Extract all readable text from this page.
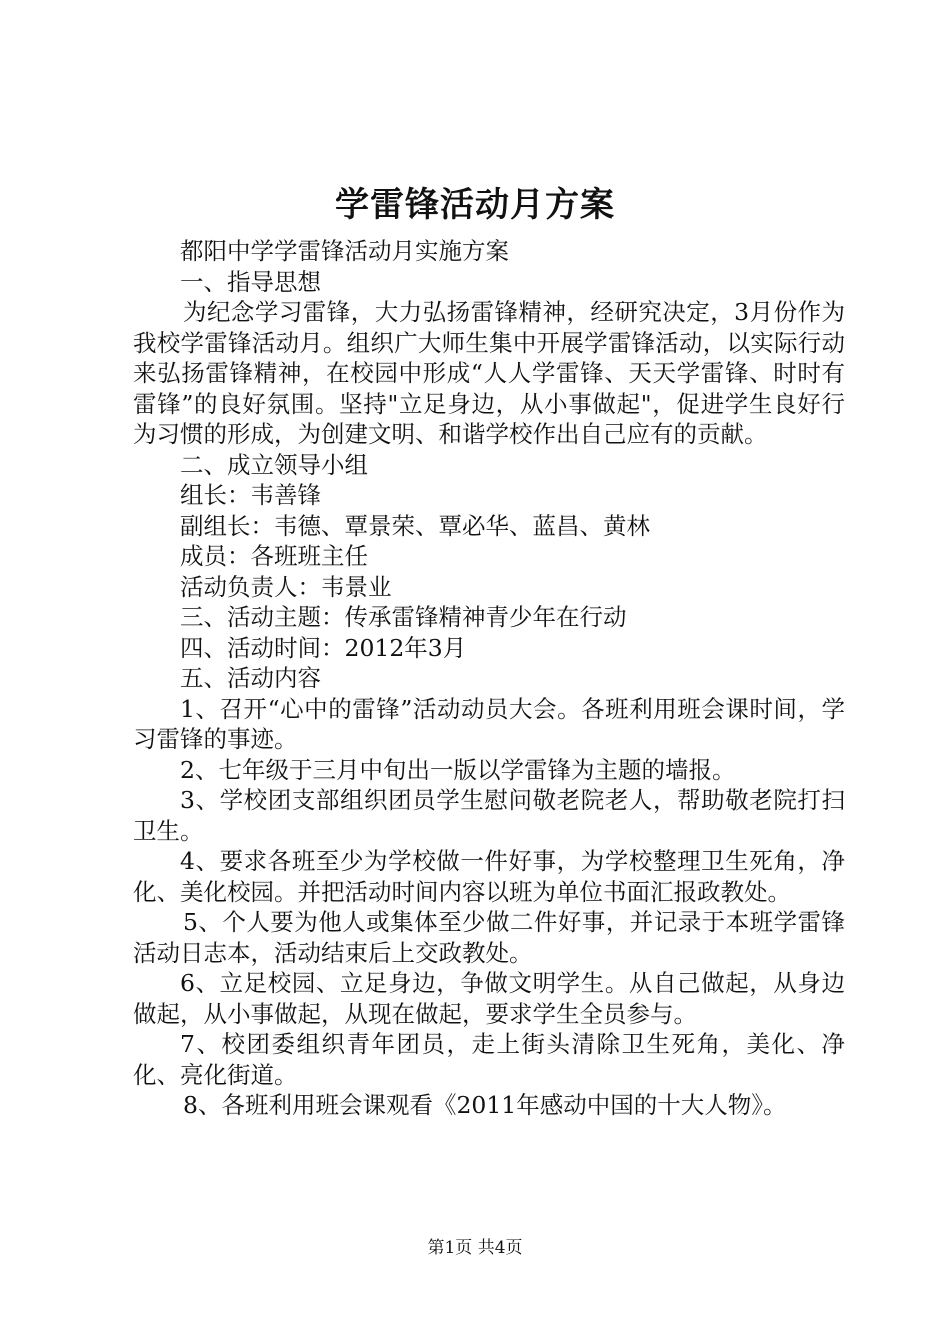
学雷锋活动月方案

都阳中学学雷锋活动月实施方案

一、指导思想

为纪念学习雷锋，大力弘扬雷锋精神，经研究决定，3月份作为我校学雷锋活动月。组织广大师生集中开展学雷锋活动，以实际行动来弘扬雷锋精神，在校园中形成“人人学雷锋、天天学雷锋、时时有雷锋”的良好氛围。坚持"立足身边，从小事做起"，促进学生良好行为习惯的形成，为创建文明、和谐学校作出自己应有的贡献。

二、成立领导小组

组长：韦善锋

副组长：韦德、覃景荣、覃必华、蓝昌、黄林

成员：各班班主任

活动负责人：韦景业

三、活动主题：传承雷锋精神青少年在行动

四、活动时间：2012年3月

五、活动内容

1、召开“心中的雷锋”活动动员大会。各班利用班会课时间，学习雷锋的事迹。

2、七年级于三月中旬出一版以学雷锋为主题的墙报。

3、学校团支部组织团员学生慰问敬老院老人，帮助敬老院打扫卫生。

4、要求各班至少为学校做一件好事，为学校整理卫生死角，净化、美化校园。并把活动时间内容以班为单位书面汇报政教处。

5、个人要为他人或集体至少做二件好事，并记录于本班学雷锋活动日志本，活动结束后上交政教处。

6、立足校园、立足身边，争做文明学生。从自己做起，从身边做起，从小事做起，从现在做起，要求学生全员参与。

7、校团委组织青年团员，走上街头清除卫生死角，美化、净化、亮化街道。

8、各班利用班会课观看《2011年感动中国的十大人物》。

第1页 共4页
